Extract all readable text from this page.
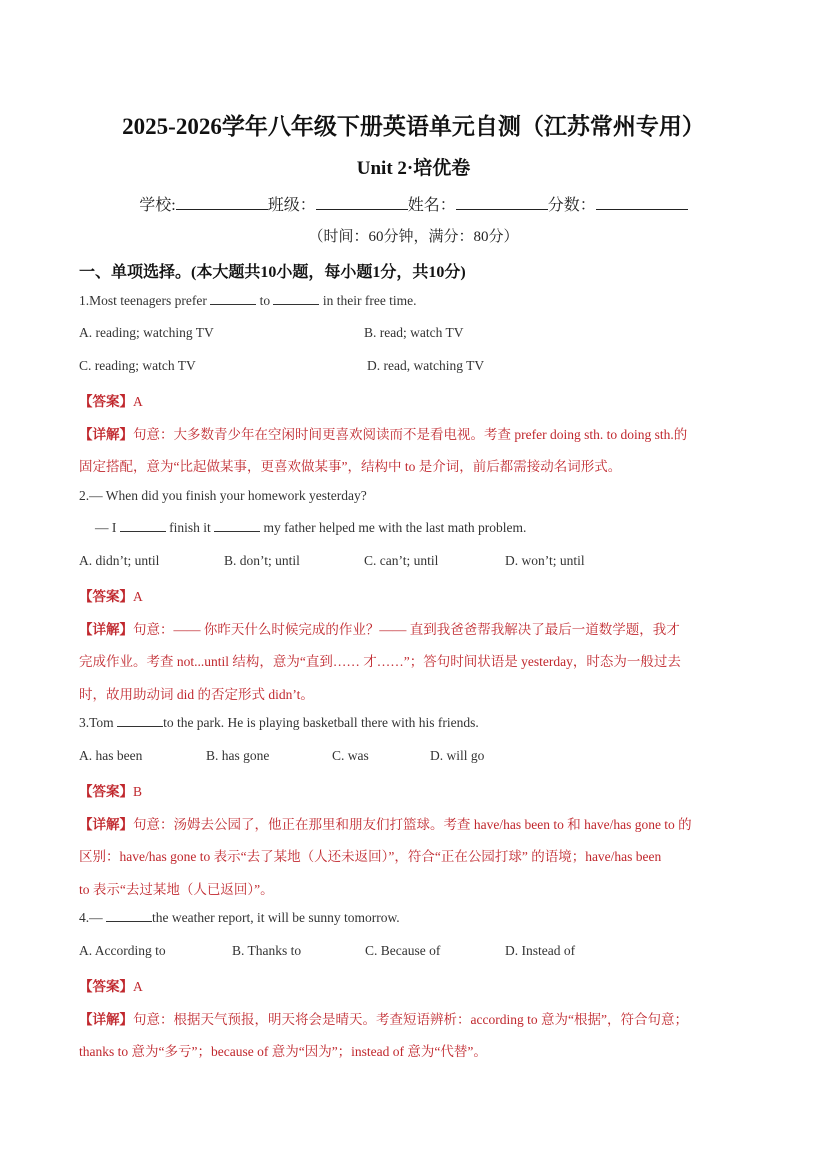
2025-2026学年八年级下册英语单元自测（江苏常州专用）
Unit 2·培优卷
学校:	班级：	姓名：	分数：
（时间：60分钟，满分：80分）
一、单项选择。(本大题共10小题，每小题1分，共10分)
1.Most teenagers prefer	to	in their free time.
A. reading; watching TV	B. read; watch TV
C. reading; watch TV	D. read, watching TV
【答案】A
【详解】句意：大多数青少年在空闲时间更喜欢阅读而不是看电视。考查 prefer doing sth. to doing sth.的
固定搭配，意为“比起做某事，更喜欢做某事”，结构中 to 是介词，前后都需接动名词形式。
2.— When did you finish your homework yesterday?
— I	finish it	my father helped me with the last math problem.
A. didn’t; until	B. don’t; until	C. can’t; until	D. won’t; until
【答案】A
【详解】句意：—— 你昨天什么时候完成的作业？—— 直到我爸爸帮我解决了最后一道数学题，我才
完成作业。考查 not...until 结构，意为“直到…… 才……”；答句时间状语是 yesterday，时态为一般过去
时，故用助动词 did 的否定形式 didn’t。
3.Tom	to the park. He is playing basketball there with his friends.
A. has been	B. has gone	C. was	D. will go
【答案】B
【详解】句意：汤姆去公园了，他正在那里和朋友们打篮球。考查 have/has been to 和 have/has gone to 的
区别：have/has gone to 表示“去了某地（人还未返回）”，符合“正在公园打球” 的语境；have/has been
to 表示“去过某地（人已返回）”。
4.—	the weather report, it will be sunny tomorrow.
A. According to	B. Thanks to	C. Because of	D. Instead of
【答案】A
【详解】句意：根据天气预报，明天将会是晴天。考查短语辨析：according to 意为“根据”，符合句意；
thanks to 意为“多亏”；because of 意为“因为”；instead of 意为“代替”。
